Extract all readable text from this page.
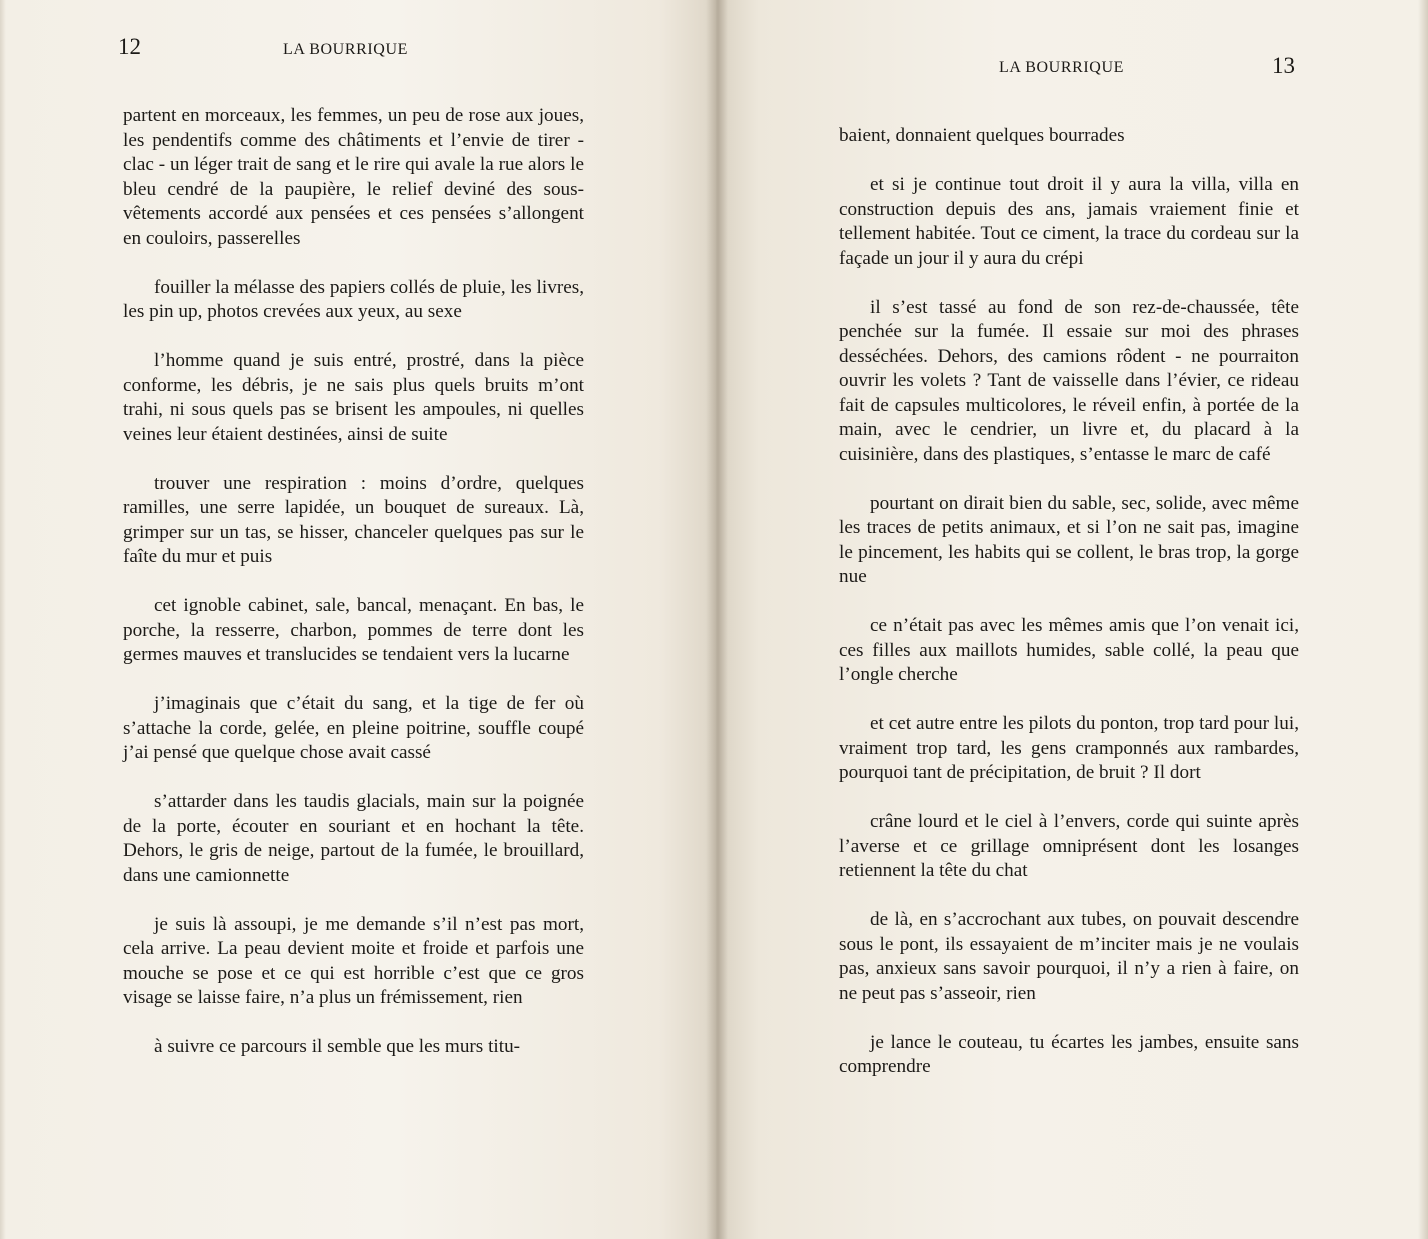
12	LA BOURRIQUE

partent en morceaux, les femmes, un peu de rose aux joues, les pendentifs comme des châtiments et l’envie de tirer - clac - un léger trait de sang et le rire qui avale la rue alors le bleu cendré de la paupière, le relief deviné des sous-vêtements accordé aux pensées et ces pensées s’allongent en couloirs, passerelles

fouiller la mélasse des papiers collés de pluie, les livres, les pin up, photos crevées aux yeux, au sexe

l’homme quand je suis entré, prostré, dans la pièce conforme, les débris, je ne sais plus quels bruits m’ont trahi, ni sous quels pas se brisent les ampoules, ni quelles veines leur étaient destinées, ainsi de suite

trouver une respiration : moins d’ordre, quelques ramilles, une serre lapidée, un bouquet de sureaux. Là, grimper sur un tas, se hisser, chanceler quelques pas sur le faîte du mur et puis

cet ignoble cabinet, sale, bancal, menaçant. En bas, le porche, la resserre, charbon, pommes de terre dont les germes mauves et translucides se tendaient vers la lucarne

j’imaginais que c’était du sang, et la tige de fer où s’attache la corde, gelée, en pleine poitrine, souffle coupé j’ai pensé que quelque chose avait cassé

s’attarder dans les taudis glacials, main sur la poignée de la porte, écouter en souriant et en hochant la tête. Dehors, le gris de neige, partout de la fumée, le brouillard, dans une camionnette

je suis là assoupi, je me demande s’il n’est pas mort, cela arrive. La peau devient moite et froide et parfois une mouche se pose et ce qui est horrible c’est que ce gros visage se laisse faire, n’a plus un frémissement, rien

à suivre ce parcours il semble que les murs titu-

LA BOURRIQUE	13

baient, donnaient quelques bourrades

et si je continue tout droit il y aura la villa, villa en construction depuis des ans, jamais vraiement finie et tellement habitée. Tout ce ciment, la trace du cordeau sur la façade un jour il y aura du crépi

il s’est tassé au fond de son rez-de-chaussée, tête penchée sur la fumée. Il essaie sur moi des phrases desséchées. Dehors, des camions rôdent - ne pourraiton ouvrir les volets ? Tant de vaisselle dans l’évier, ce rideau fait de capsules multicolores, le réveil enfin, à portée de la main, avec le cendrier, un livre et, du placard à la cuisinière, dans des plastiques, s’entasse le marc de café

pourtant on dirait bien du sable, sec, solide, avec même les traces de petits animaux, et si l’on ne sait pas, imagine le pincement, les habits qui se collent, le bras trop, la gorge nue

ce n’était pas avec les mêmes amis que l’on venait ici, ces filles aux maillots humides, sable collé, la peau que l’ongle cherche

et cet autre entre les pilots du ponton, trop tard pour lui, vraiment trop tard, les gens cramponnés aux rambardes, pourquoi tant de précipitation, de bruit ? Il dort

crâne lourd et le ciel à l’envers, corde qui suinte après l’averse et ce grillage omniprésent dont les losanges retiennent la tête du chat

de là, en s’accrochant aux tubes, on pouvait descendre sous le pont, ils essayaient de m’inciter mais je ne voulais pas, anxieux sans savoir pourquoi, il n’y a rien à faire, on ne peut pas s’asseoir, rien

je lance le couteau, tu écartes les jambes, ensuite sans comprendre
